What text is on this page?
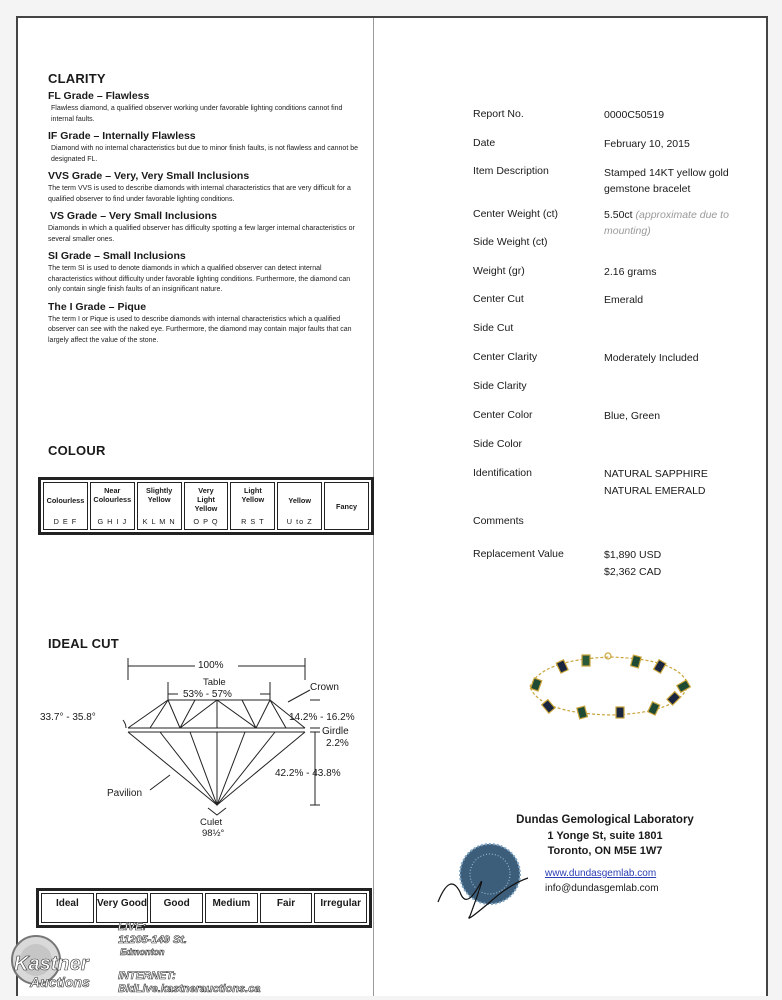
CLARITY
FL Grade – Flawless
Flawless diamond, a qualified observer working under favorable lighting conditions cannot find internal faults.
IF Grade – Internally Flawless
Diamond with no internal characteristics but due to minor finish faults, is not flawless and cannot be designated FL.
VVS Grade – Very, Very Small Inclusions
The term VVS is used to describe diamonds with internal characteristics that are very difficult for a qualified observer to find under favorable lighting conditions.
VS Grade – Very Small Inclusions
Diamonds in which a qualified observer has difficulty spotting a few larger internal characteristics or several smaller ones.
SI Grade – Small Inclusions
The term SI is used to denote diamonds in which a qualified observer can detect internal characteristics without difficulty under favorable lighting conditions. Furthermore, the diamond can only contain single finish faults of an insignificant nature.
The I Grade – Pique
The term I or Pique is used to describe diamonds with internal characteristics which a qualified observer can see with the naked eye. Furthermore, the diamond may contain major faults that can largely affect the value of the stone.
COLOUR
Colourless
D E F
Near Colourless
G H I J
Slightly Yellow
K L M N
Very Light Yellow
O P Q
Light Yellow
R S T
Yellow
U to Z
Fancy
IDEAL CUT
100%
Table
53% - 57%
Crown
33.7° - 35.8°	14.2% - 16.2%
Girdle
2.2%
42.2% - 43.8%
Pavilion
Culet
98½°
Ideal	Very Good	Good	Medium	Fair	Irregular
Report No.	0000C50519
Date	February 10, 2015
Item Description	Stamped 14KT yellow gold gemstone bracelet
Center Weight (ct)	5.50ct (approximate due to mounting)
Side Weight (ct)
Weight (gr)	2.16 grams
Center Cut	Emerald
Side Cut
Center Clarity	Moderately Included
Side Clarity
Center Color	Blue, Green
Side Color
Identification	NATURAL SAPPHIRE
NATURAL EMERALD
Comments
Replacement Value	$1,890 USD
$2,362 CAD
Dundas Gemological Laboratory
1 Yonge St, suite 1801
Toronto, ON M5E 1W7
www.dundasgemlab.com
info@dundasgemlab.com
Kastner
Auctions
LIVE:
11205-149 St.
Edmonton
INTERNET:
BidLive.kastnerauctions.ca
